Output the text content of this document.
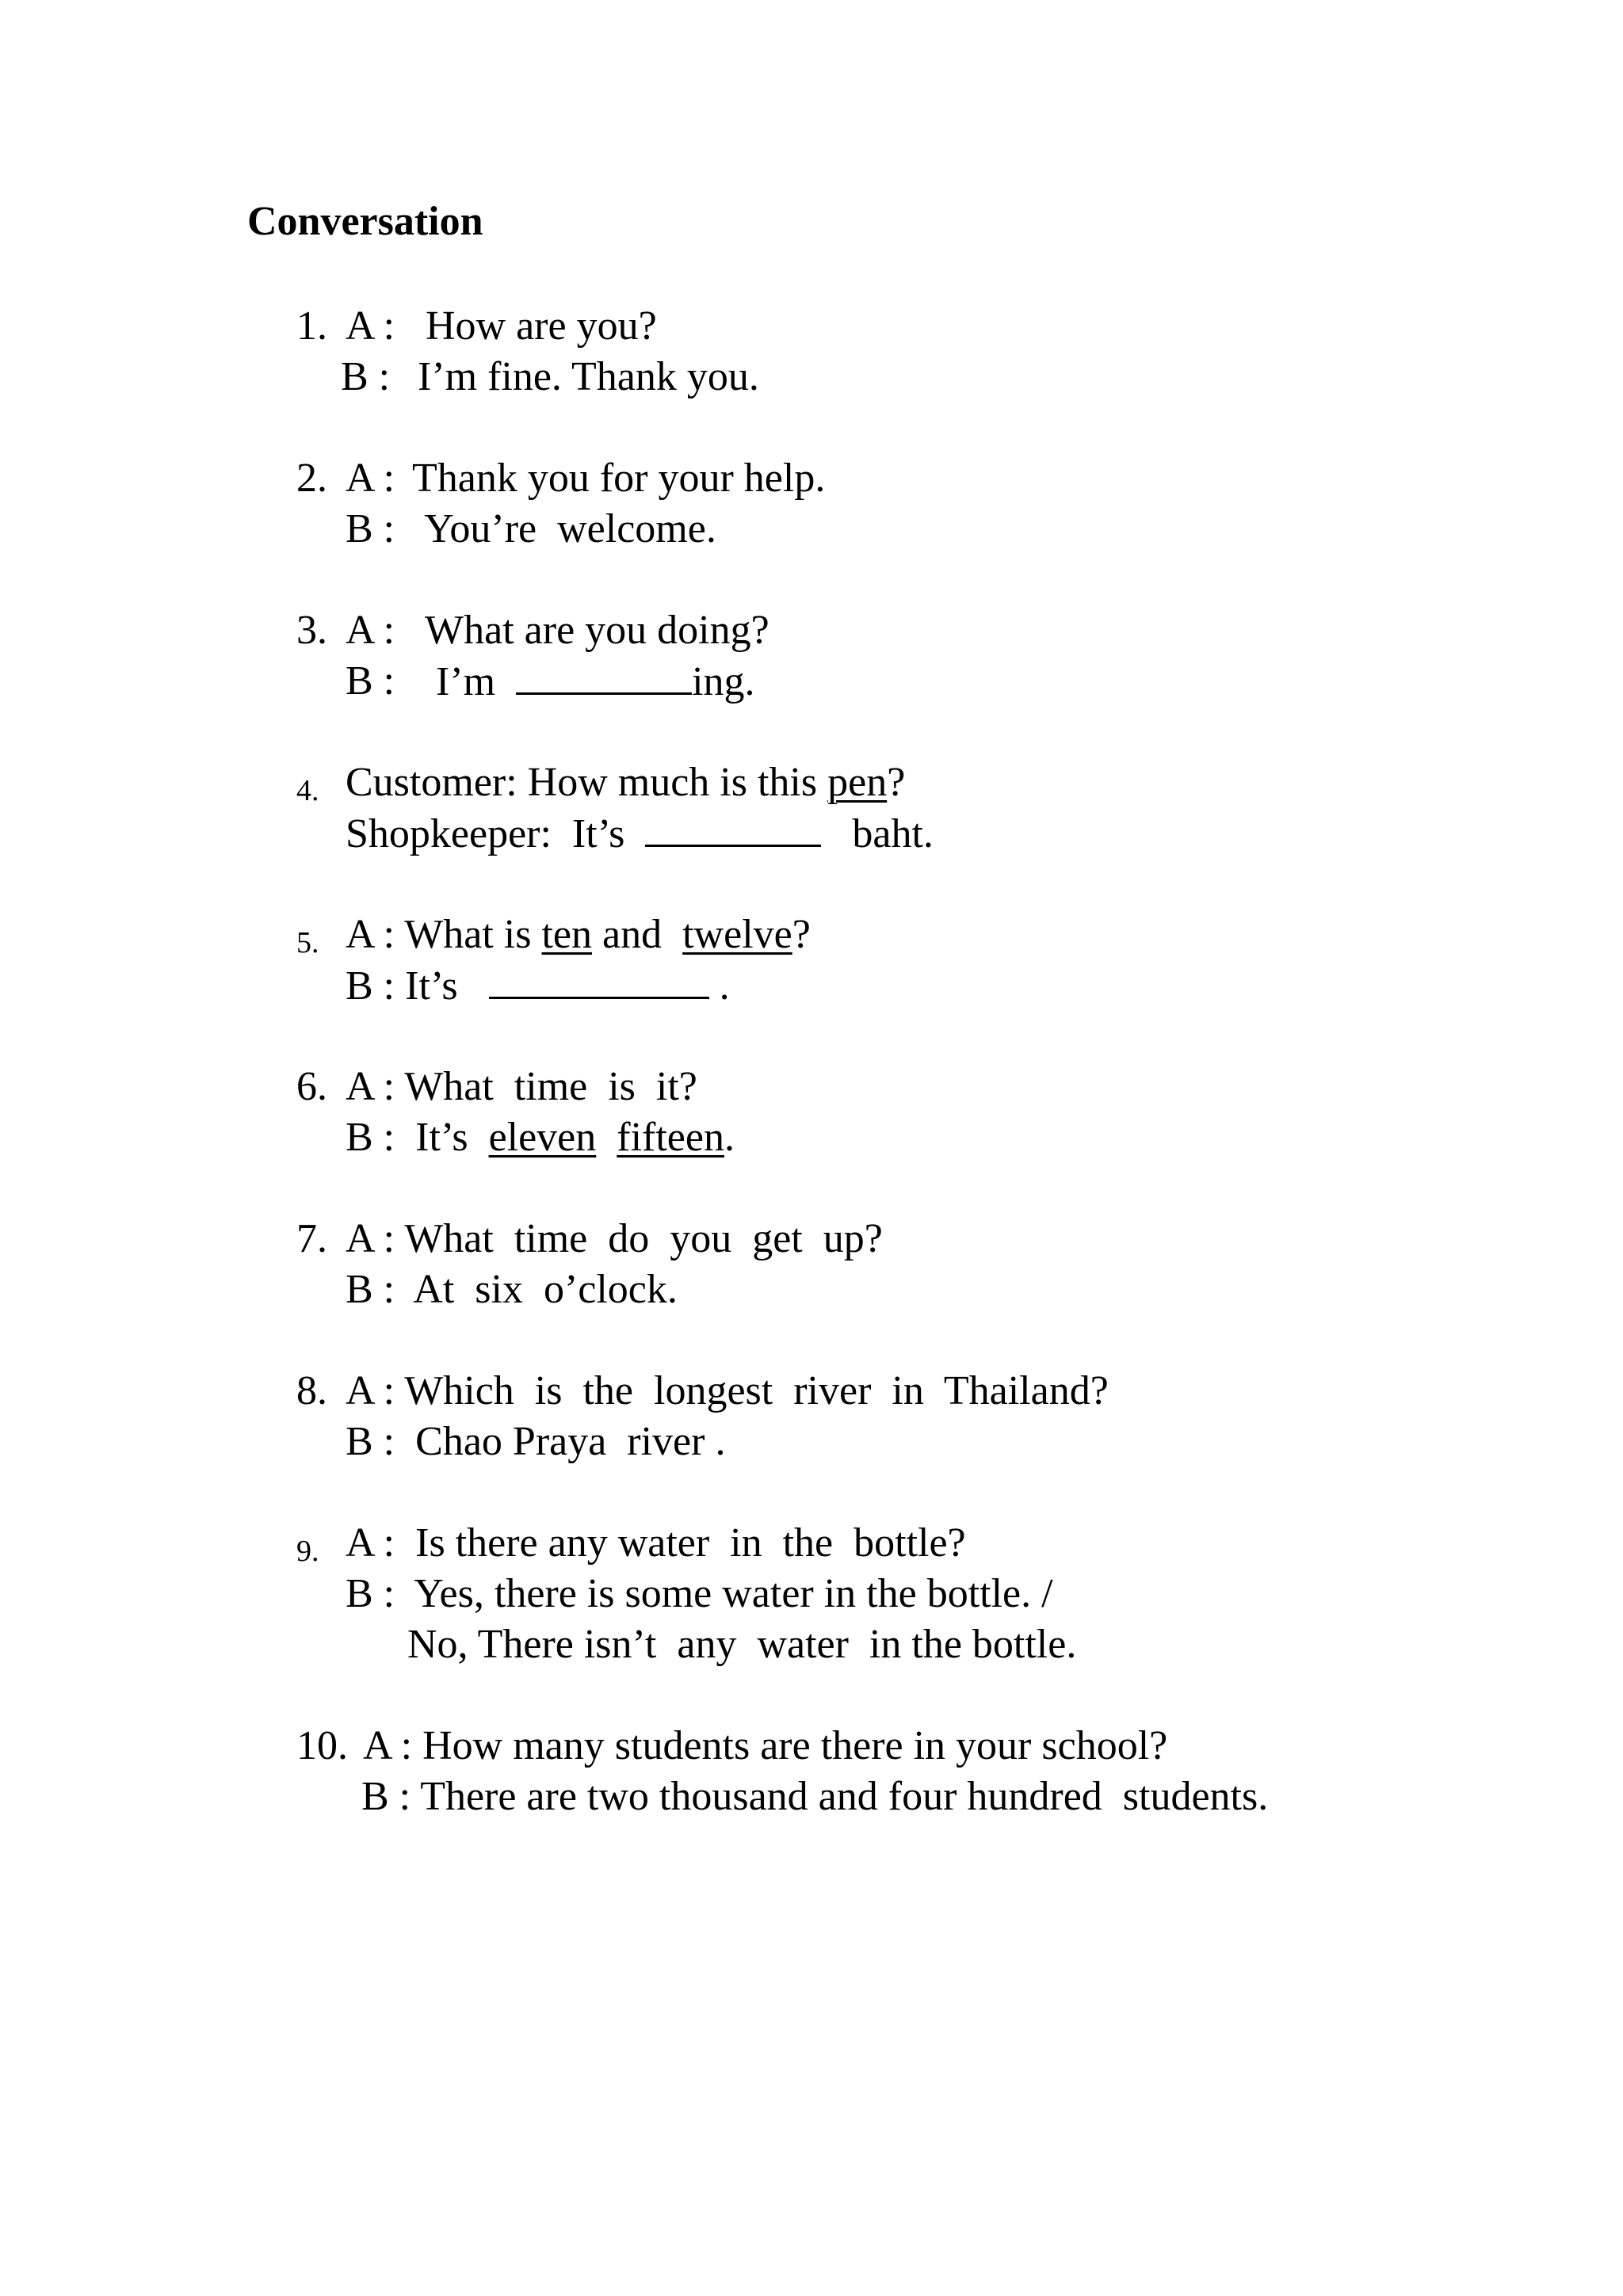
Conversation

1.

A :

How are you?

B :

I’m fine. Thank you.

2.

A :

Thank you for your help.

B :

You’re  welcome.

3.

A :

What are you doing?

B :

I’m	ing.

4.

Customer: How much is this pen?

Shopkeeper:  It’s	baht.

5.

A : What is ten and  twelve?

B : It’s	.

6.

A : What  time  is  it?

B :  It’s  eleven fifteen.

7.

A : What  time  do  you  get  up?

B :  At  six  o’clock.

8.

A : Which  is  the  longest  river  in  Thailand?

B :  Chao Praya  river .

9.

A :  Is there any water  in  the  bottle?

B :  Yes, there is some water in the bottle. /

No, There isn’t  any  water  in the bottle.

10.

A : How many students are there in your school?

B : There are two thousand and four hundred  students.
